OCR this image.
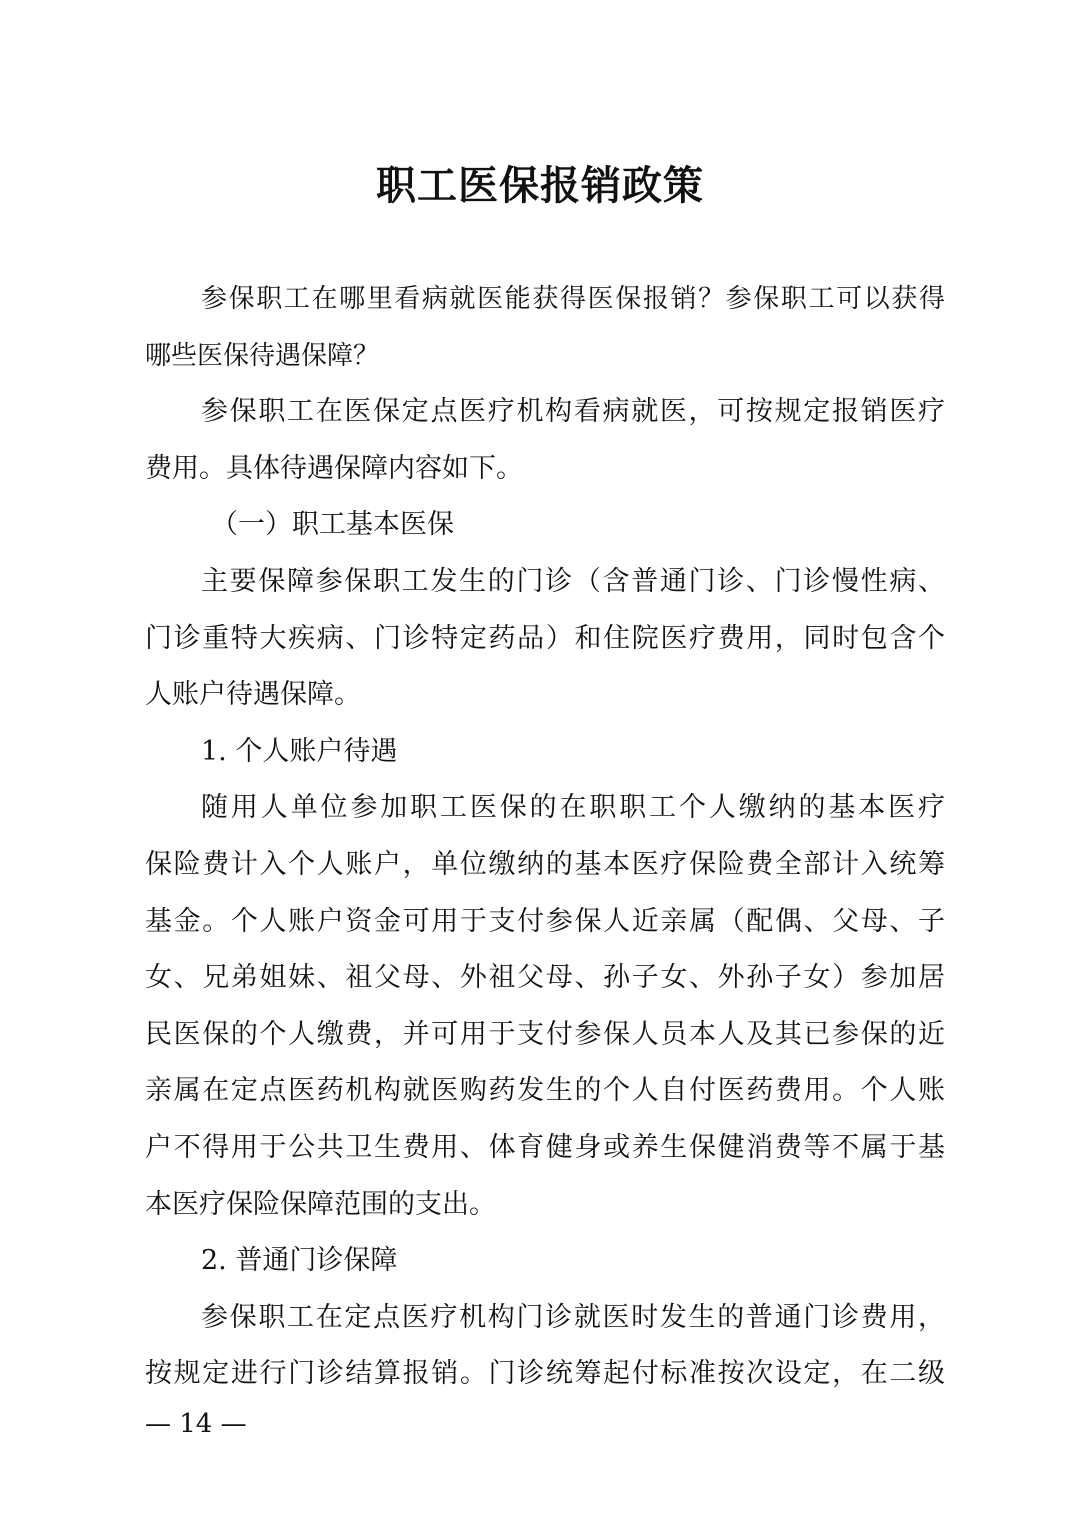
职工医保报销政策
参保职工在哪里看病就医能获得医保报销？参保职工可以获得
哪些医保待遇保障？
参保职工在医保定点医疗机构看病就医，可按规定报销医疗
费用。具体待遇保障内容如下。
（一）职工基本医保
主要保障参保职工发生的门诊（含普通门诊、门诊慢性病、
门诊重特大疾病、门诊特定药品）和住院医疗费用，同时包含个
人账户待遇保障。
1. 个人账户待遇
随用人单位参加职工医保的在职职工个人缴纳的基本医疗
保险费计入个人账户，单位缴纳的基本医疗保险费全部计入统筹
基金。个人账户资金可用于支付参保人近亲属（配偶、父母、子
女、兄弟姐妹、祖父母、外祖父母、孙子女、外孙子女）参加居
民医保的个人缴费，并可用于支付参保人员本人及其已参保的近
亲属在定点医药机构就医购药发生的个人自付医药费用。个人账
户不得用于公共卫生费用、体育健身或养生保健消费等不属于基
本医疗保险保障范围的支出。
2. 普通门诊保障
参保职工在定点医疗机构门诊就医时发生的普通门诊费用，
按规定进行门诊结算报销。门诊统筹起付标准按次设定，在二级
— 14 —
